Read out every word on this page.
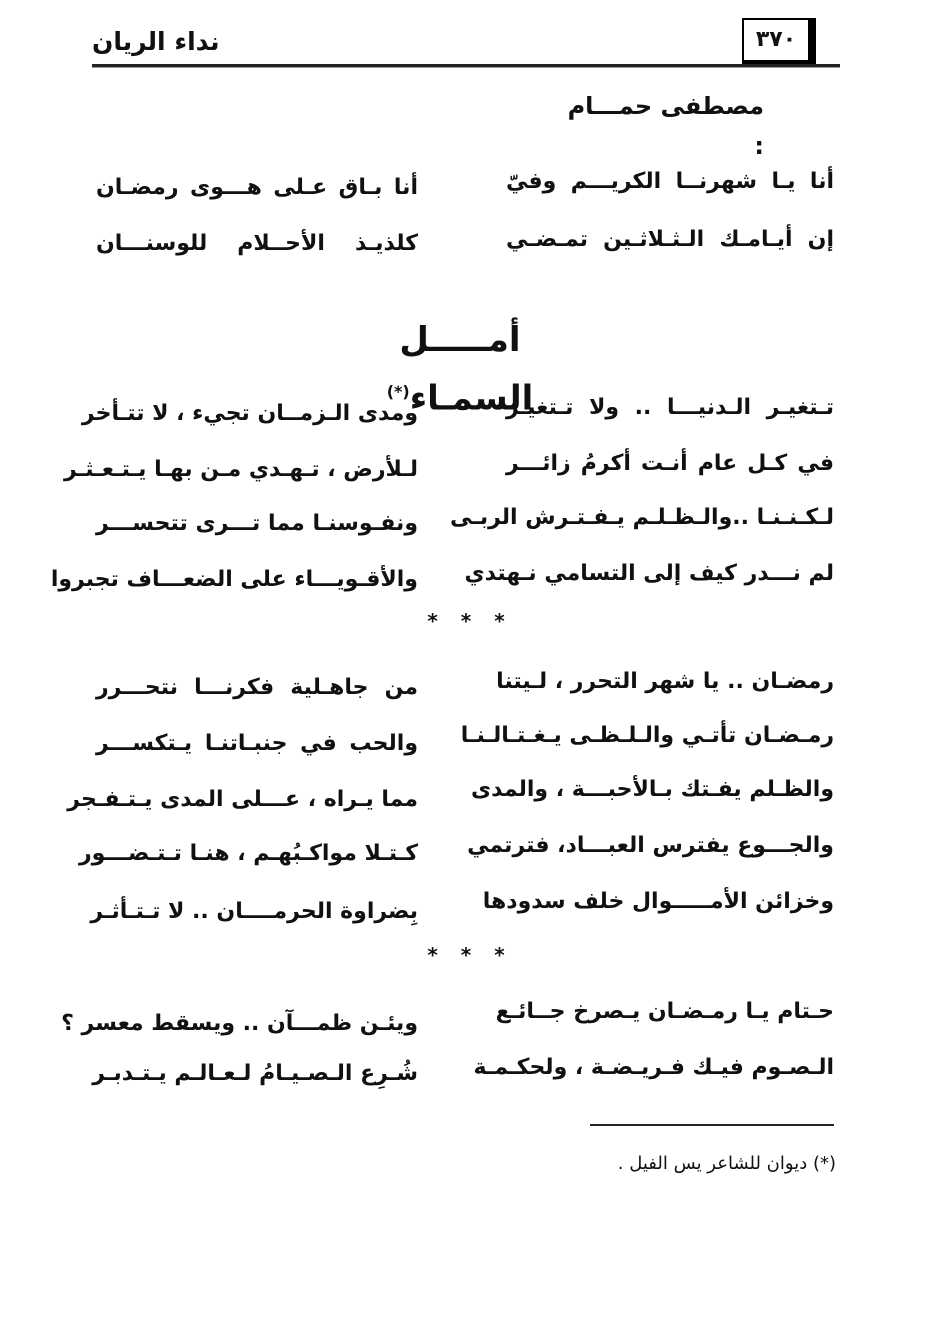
نداء الريان	٣٧٠
مصطفى حمـــام :
أنا يـا شهرنــا الكريـــم وفيّ
أنا بـاق عـلى هـــوى رمضـان
إن أيـامـك الـثـلاثـين تمـضـي
كلذيـذ الأحــلام للوسنـــان
أمـــــل السمـاء(*)
تـتغيـر الـدنيـــا .. ولا تـتغيـر
ومدى الـزمــان تجيء ، لا تتـأخر
في كـل عام أنـت أكرمُ زائـــر
لـلأرض ، تـهـدي مـن بهـا يـتـعـثـر
لـكـنـنـا ..والـظـلـم يـفـتـرش الربـى
ونفـوسنـا مما تـــرى تتحســـر
لم نـــدر كيف إلى التسامي نـهتدي
والأقـويـــاء على الضعـــاف تجبروا
* * *
رمضـان .. يا شهر التحرر ، لـيتنا
من جاهـلية فكرنـــا نتحـــرر
رمـضـان تأتـي والـلـظـى يـغـتـالـنـا
والحب في جنبـاتنـا يـتكســـر
والظـلم يفـتك بـالأحبـــة ، والمدى
مما يـراه ، عـــلى المدى يـتـفـجر
والجـــوع يفترس العبـــاد، فترتمي
كـتـلا مواكـبُهـم ، هنـا تـتـضـــور
وخزائن الأمـــــوال خلف سدودها
بِضراوة الحرمــــان .. لا تـتـأثـر
* * *
حـتام يـا رمـضـان يـصرخ جــائـع
ويئـن ظمـــآن .. ويسقط معسر ؟
الـصـوم فيـك فـريـضـة ، ولحكـمـة
شُـرِع الـصـيـامُ لـعـالـم يـتـدبـر
(*) ديوان للشاعر يس الفيل .
